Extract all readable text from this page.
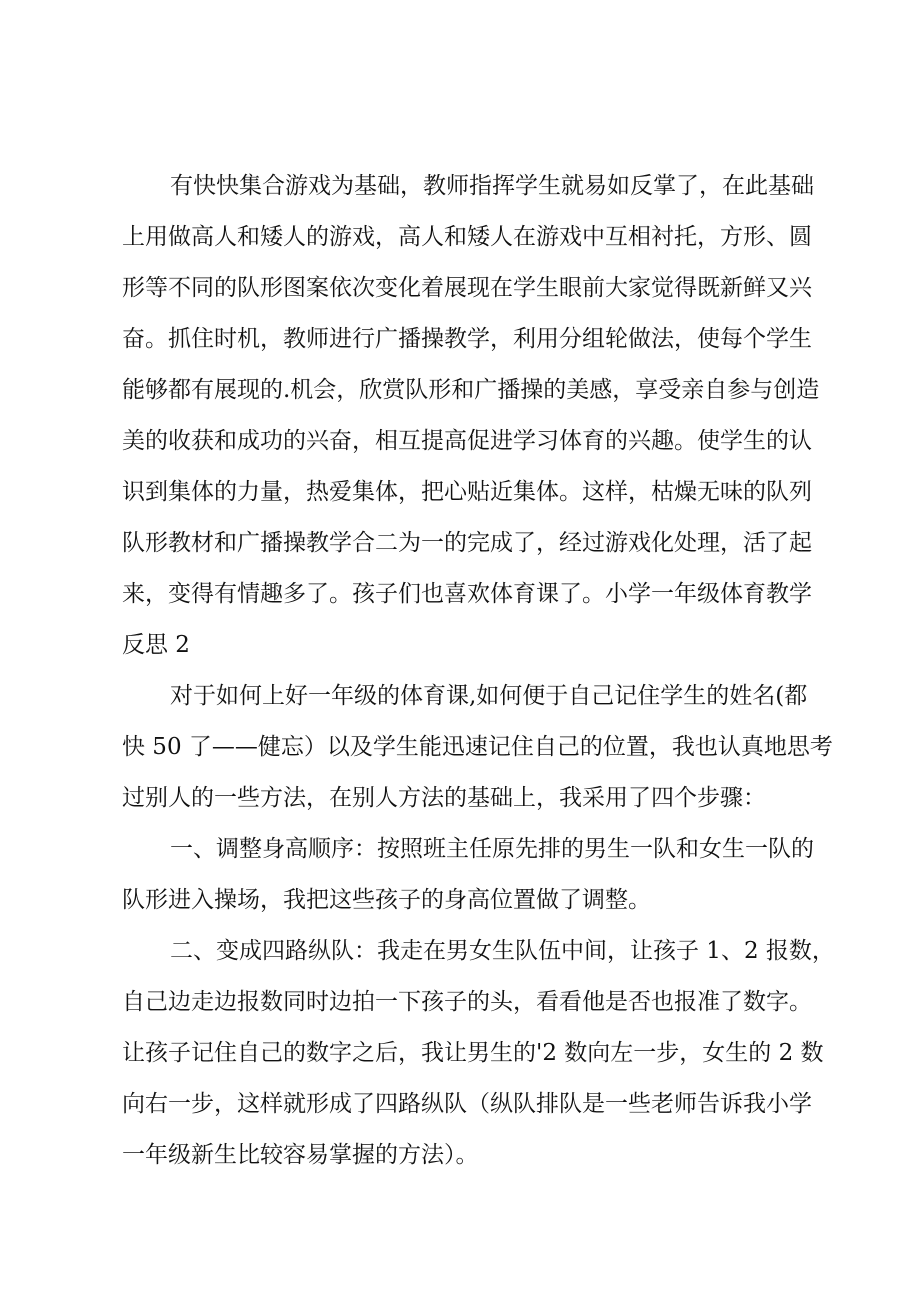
有快快集合游戏为基础，教师指挥学生就易如反掌了，在此基础
上用做高人和矮人的游戏，高人和矮人在游戏中互相衬托，方形、圆
形等不同的队形图案依次变化着展现在学生眼前大家觉得既新鲜又兴
奋。抓住时机，教师进行广播操教学，利用分组轮做法，使每个学生
能够都有展现的.机会，欣赏队形和广播操的美感，享受亲自参与创造
美的收获和成功的兴奋，相互提高促进学习体育的兴趣。使学生的认
识到集体的力量，热爱集体，把心贴近集体。这样，枯燥无味的队列
队形教材和广播操教学合二为一的完成了，经过游戏化处理，活了起
来，变得有情趣多了。孩子们也喜欢体育课了。小学一年级体育教学
反思 2
对于如何上好一年级的体育课,如何便于自己记住学生的姓名(都
快 50 了——健忘）以及学生能迅速记住自己的位置，我也认真地思考
过别人的一些方法，在别人方法的基础上，我采用了四个步骤：
一、调整身高顺序：按照班主任原先排的男生一队和女生一队的
队形进入操场，我把这些孩子的身高位置做了调整。
二、变成四路纵队：我走在男女生队伍中间，让孩子 1、2 报数，
自己边走边报数同时边拍一下孩子的头，看看他是否也报准了数字。
让孩子记住自己的数字之后，我让男生的'2 数向左一步，女生的 2 数
向右一步，这样就形成了四路纵队（纵队排队是一些老师告诉我小学
一年级新生比较容易掌握的方法）。
